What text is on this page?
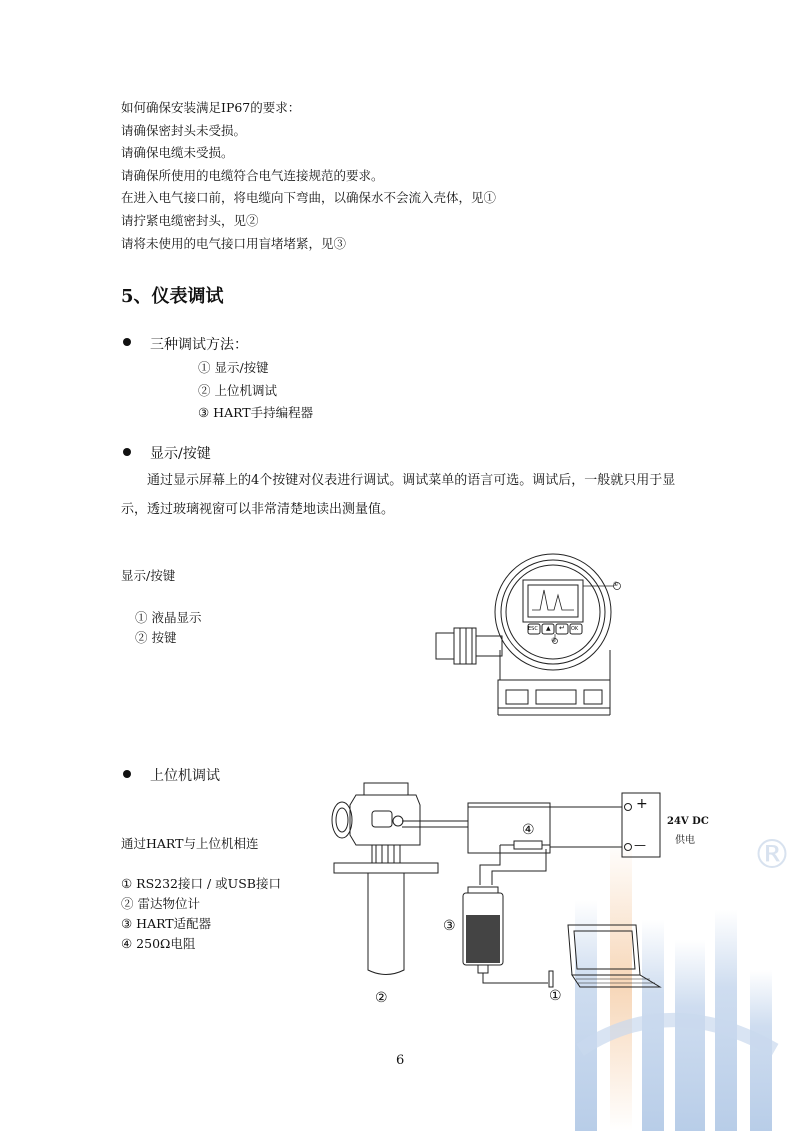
®
如何确保安装满足IP67的要求：
请确保密封头未受损。
请确保电缆未受损。
请确保所使用的电缆符合电气连接规范的要求。
在进入电气接口前，将电缆向下弯曲，以确保水不会流入壳体，见①
请拧紧电缆密封头，见②
请将未使用的电气接口用盲堵堵紧，见③
5、仪表调试
三种调试方法：
① 显示/按键
② 上位机调试
③ HART手持编程器
显示/按键
通过显示屏幕上的4个按键对仪表进行调试。调试菜单的语言可选。调试后，一般就只用于显示，透过玻璃视窗可以非常清楚地读出测量值。
显示/按键
① 液晶显示
② 按键
ESC ▲ ↵ OK
①
②
上位机调试
通过HART与上位机相连
① RS232接口 / 或USB接口
② 雷达物位计
③ HART适配器
④ 250Ω电阻
+
—
24V DC
供电
④
③
②	①
6
